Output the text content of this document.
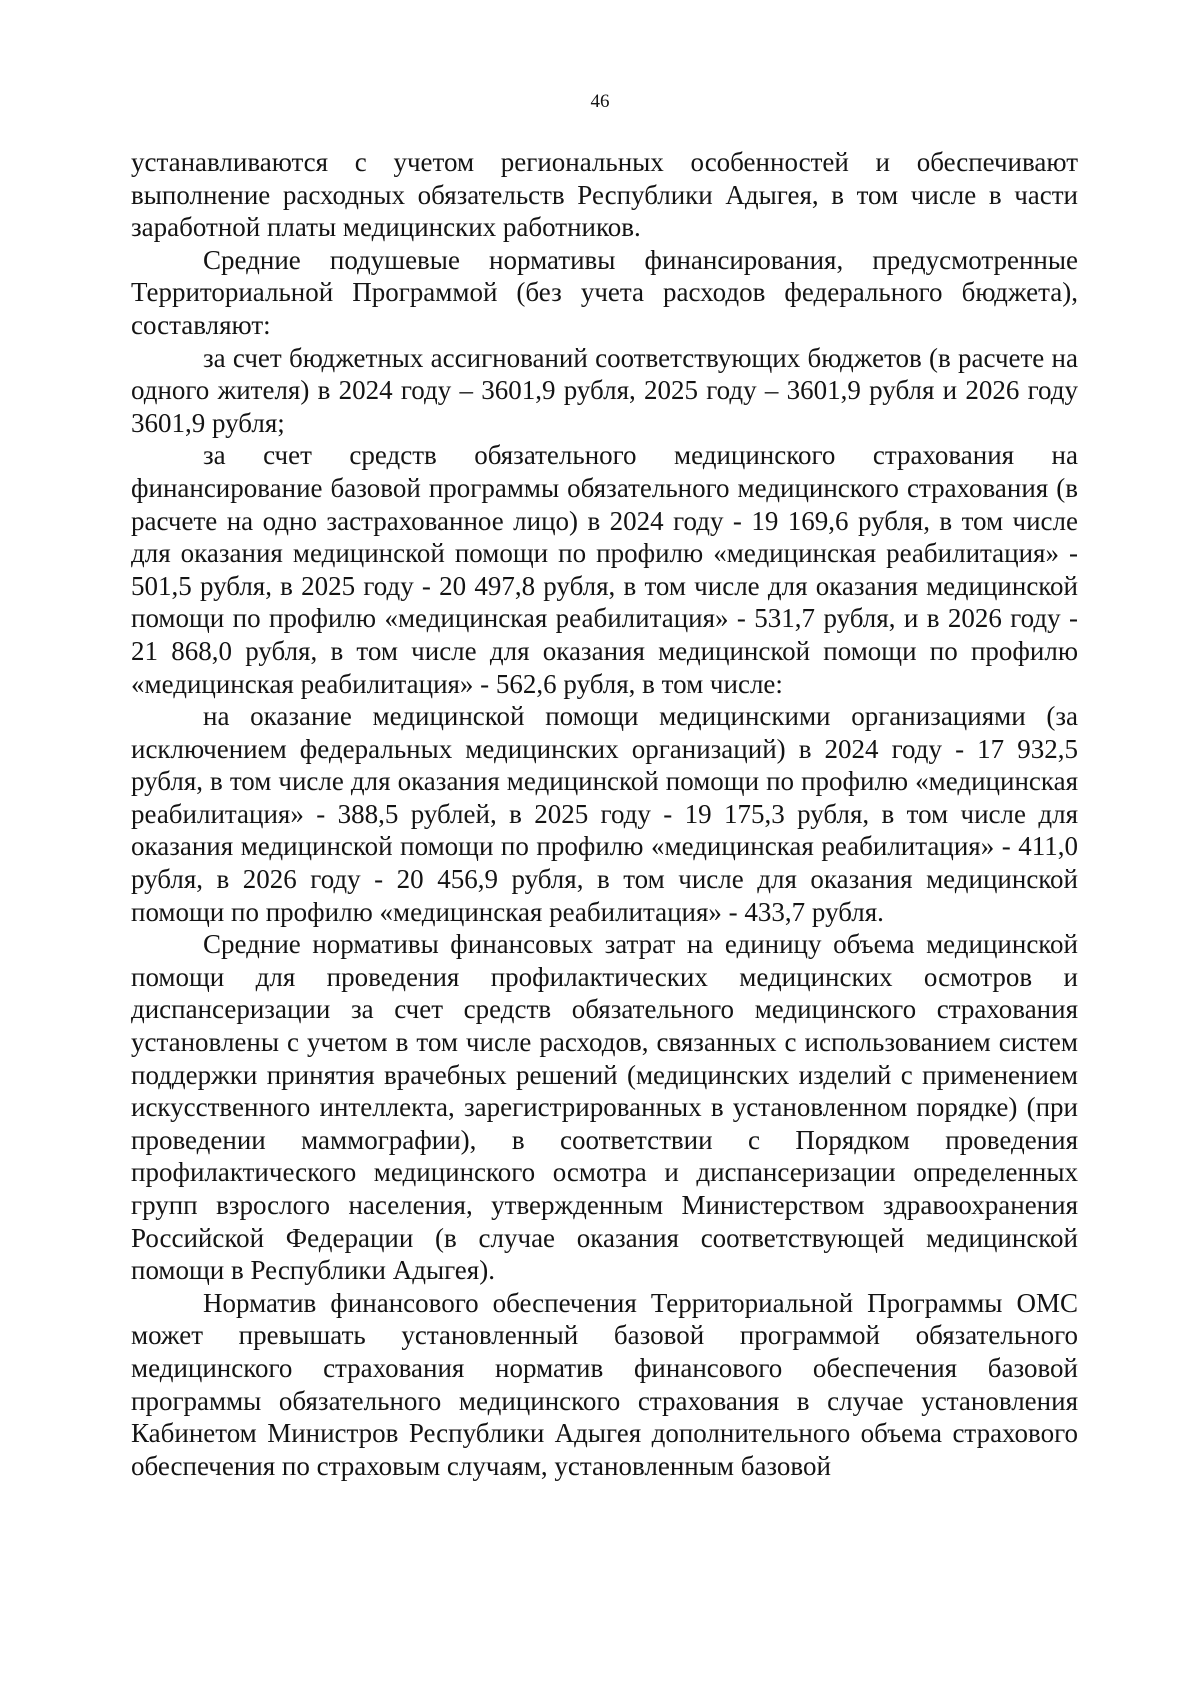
46

устанавливаются с учетом региональных особенностей и обеспечивают выполнение расходных обязательств Республики Адыгея, в том числе в части заработной платы медицинских работников.

Средние подушевые нормативы финансирования, предусмотренные Территориальной Программой (без учета расходов федерального бюджета), составляют:

за счет бюджетных ассигнований соответствующих бюджетов (в расчете на одного жителя) в 2024 году – 3601,9 рубля, 2025 году – 3601,9 рубля и 2026 году 3601,9 рубля;

за счет средств обязательного медицинского страхования на финансирование базовой программы обязательного медицинского страхования (в расчете на одно застрахованное лицо) в 2024 году - 19 169,6 рубля, в том числе для оказания медицинской помощи по профилю «медицинская реабилитация» - 501,5 рубля, в 2025 году - 20 497,8 рубля, в том числе для оказания медицинской помощи по профилю «медицинская реабилитация» - 531,7 рубля, и в 2026 году - 21 868,0 рубля, в том числе для оказания медицинской помощи по профилю «медицинская реабилитация» - 562,6 рубля, в том числе:

на оказание медицинской помощи медицинскими организациями (за исключением федеральных медицинских организаций) в 2024 году - 17 932,5 рубля, в том числе для оказания медицинской помощи по профилю «медицинская реабилитация» - 388,5 рублей, в 2025 году - 19 175,3 рубля, в том числе для оказания медицинской помощи по профилю «медицинская реабилитация» - 411,0 рубля, в 2026 году - 20 456,9 рубля, в том числе для оказания медицинской помощи по профилю «медицинская реабилитация» - 433,7 рубля.

Средние нормативы финансовых затрат на единицу объема медицинской помощи для проведения профилактических медицинских осмотров и диспансеризации за счет средств обязательного медицинского страхования установлены с учетом в том числе расходов, связанных с использованием систем поддержки принятия врачебных решений (медицинских изделий с применением искусственного интеллекта, зарегистрированных в установленном порядке) (при проведении маммографии), в соответствии с Порядком проведения профилактического медицинского осмотра и диспансеризации определенных групп взрослого населения, утвержденным Министерством здравоохранения Российской Федерации (в случае оказания соответствующей медицинской помощи в Республики Адыгея).

Норматив финансового обеспечения Территориальной Программы ОМС может превышать установленный базовой программой обязательного медицинского страхования норматив финансового обеспечения базовой программы обязательного медицинского страхования в случае установления Кабинетом Министров Республики Адыгея дополнительного объема страхового обеспечения по страховым случаям, установленным базовой
